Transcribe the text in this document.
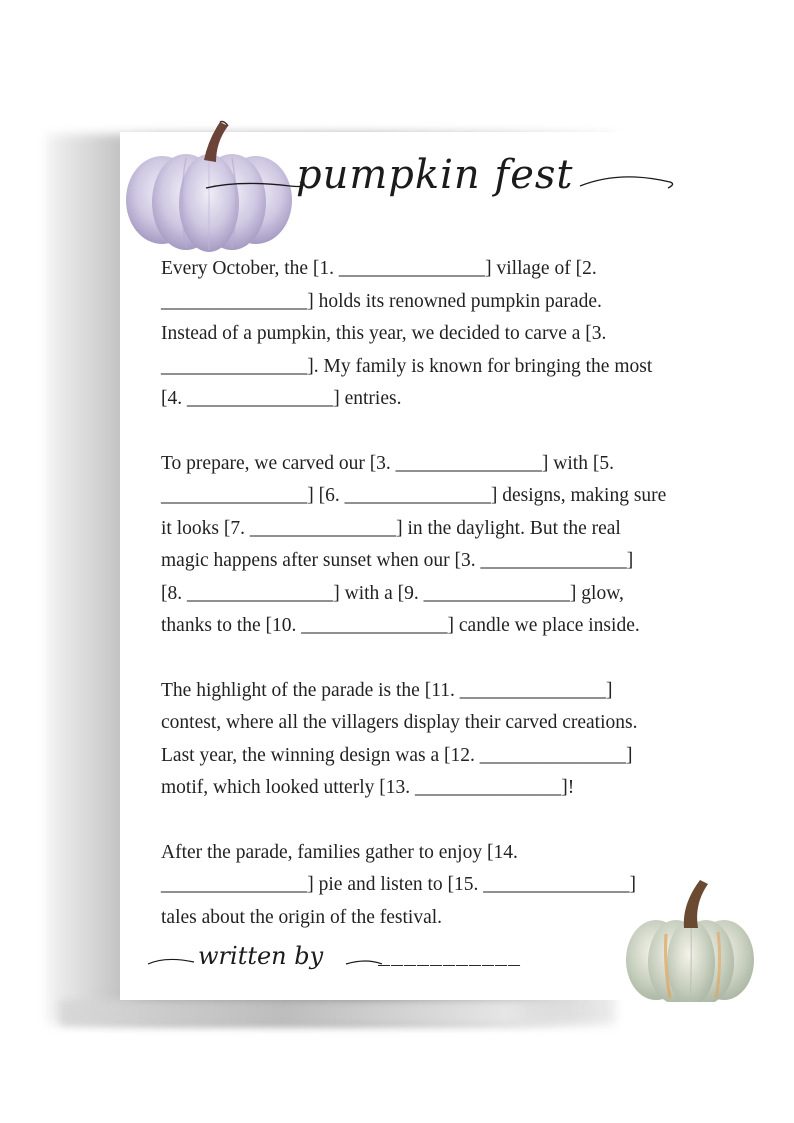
pumpkin fest
Every October, the [1. _______________] village of [2.
_______________] holds its renowned pumpkin parade.
Instead of a pumpkin, this year, we decided to carve a [3.
_______________]. My family is known for bringing the most
[4. _______________] entries.
To prepare, we carved our [3. _______________] with [5.
_______________] [6. _______________] designs, making sure
it looks [7. _______________] in the daylight. But the real
magic happens after sunset when our [3. _______________]
[8. _______________] with a [9. _______________] glow,
thanks to the [10. _______________] candle we place inside.
The highlight of the parade is the [11. _______________]
contest, where all the villagers display their carved creations.
Last year, the winning design was a [12. _______________]
motif, which looked utterly [13. _______________]!
After the parade, families gather to enjoy [14.
_______________] pie and listen to [15. _______________]
tales about the origin of the festival.
written by	___________
